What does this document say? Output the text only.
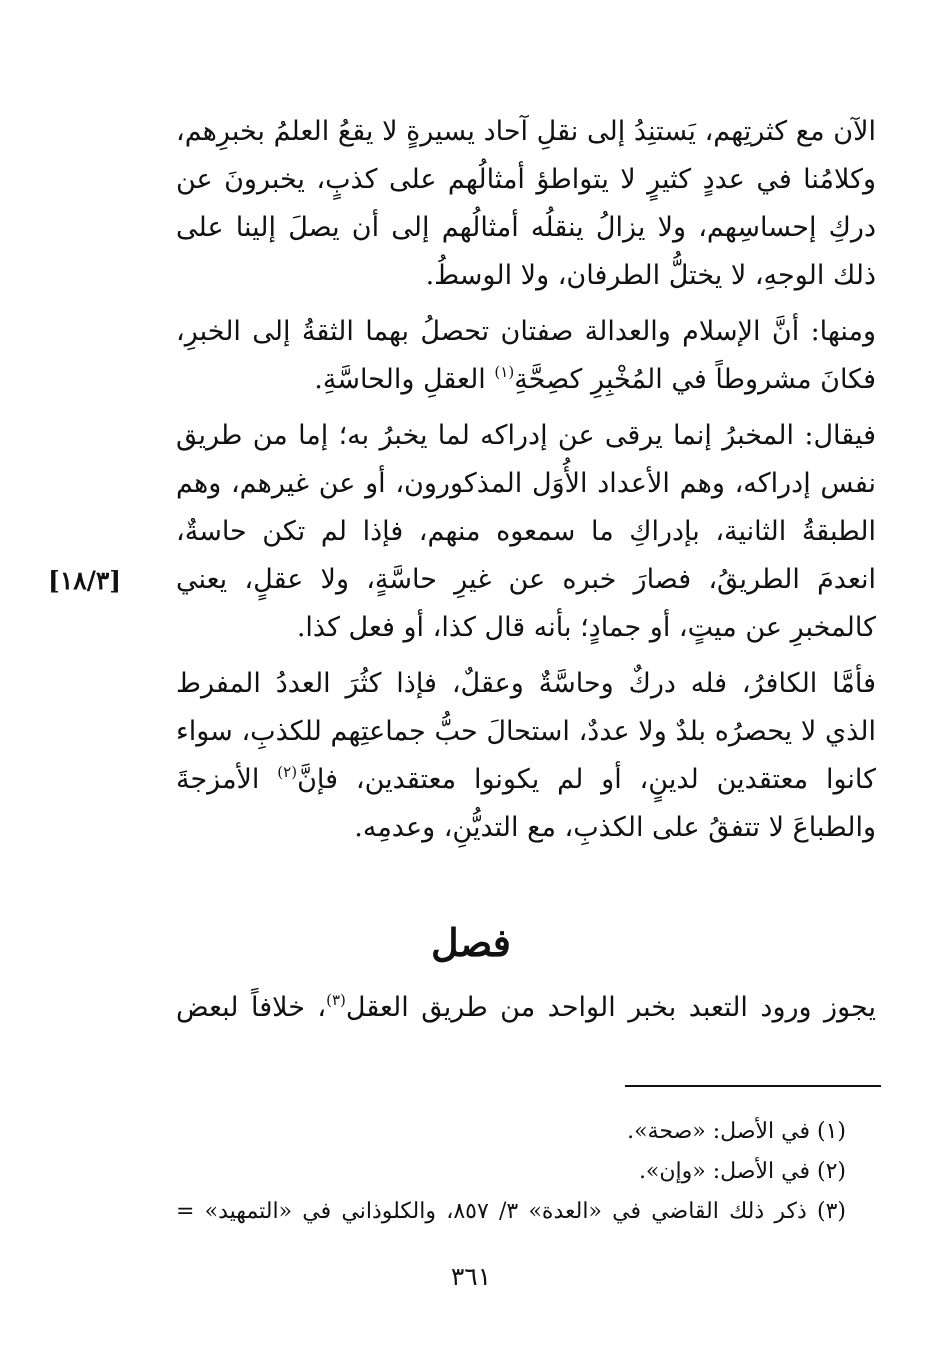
الآن مع كثرتِهم، يَستنِدُ إلى نقلِ آحاد يسيرةٍ لا يقعُ العلمُ بخبرِهم، وكلامُنا في عددٍ كثيرٍ لا يتواطؤ أمثالُهم على كذبٍ، يخبرونَ عن دركِ إحساسِهم، ولا يزالُ ينقلُه أمثالُهم إلى أن يصلَ إلينا على ذلك الوجهِ، لا يختلُّ الطرفان، ولا الوسطُ.

ومنها: أنَّ الإسلام والعدالة صفتان تحصلُ بهما الثقةُ إلى الخبرِ، فكانَ مشروطاً في المُخْبِرِ كصِحَّةِ$^{(١)}$ العقلِ والحاسَّةِ.

فيقال: المخبرُ إنما يرقى عن إدراكه لما يخبرُ به؛ إما من طريق نفس إدراكه، وهم الأعداد الأُوَل المذكورون، أو عن غيرهم، وهم الطبقةُ الثانية، بإدراكِ ما سمعوه منهم، فإذا لم تكن حاسةٌ، انعدمَ الطريقُ، فصارَ خبره عن غيرِ حاسَّةٍ، ولا عقلٍ، يعني كالمخبرِ عن ميتٍ، أو جمادٍ؛ بأنه قال كذا، أو فعل كذا.

[١٨/٣]

فأمَّا الكافرُ، فله دركٌ وحاسَّةٌ وعقلٌ، فإذا كثُرَ العددُ المفرط الذي لا يحصرُه بلدٌ ولا عددٌ، استحالَ حبُّ جماعتِهم للكذبِ، سواء كانوا معتقدين لدينٍ، أو لم يكونوا معتقدين، فإنَّ$^{(٢)}$ الأمزجةَ والطباعَ لا تتفقُ على الكذبِ، مع التديُّنِ، وعدمِه.

فصل

يجوز ورود التعبد بخبر الواحد من طريق العقل$^{(٣)}$، خلافاً لبعض

(١) في الأصل: «صحة».

(٢) في الأصل: «وإن».

(٣) ذكر ذلك القاضي في «العدة» ٣/ ٨٥٧، والكلوذاني في «التمهيد» =

٣٦١
